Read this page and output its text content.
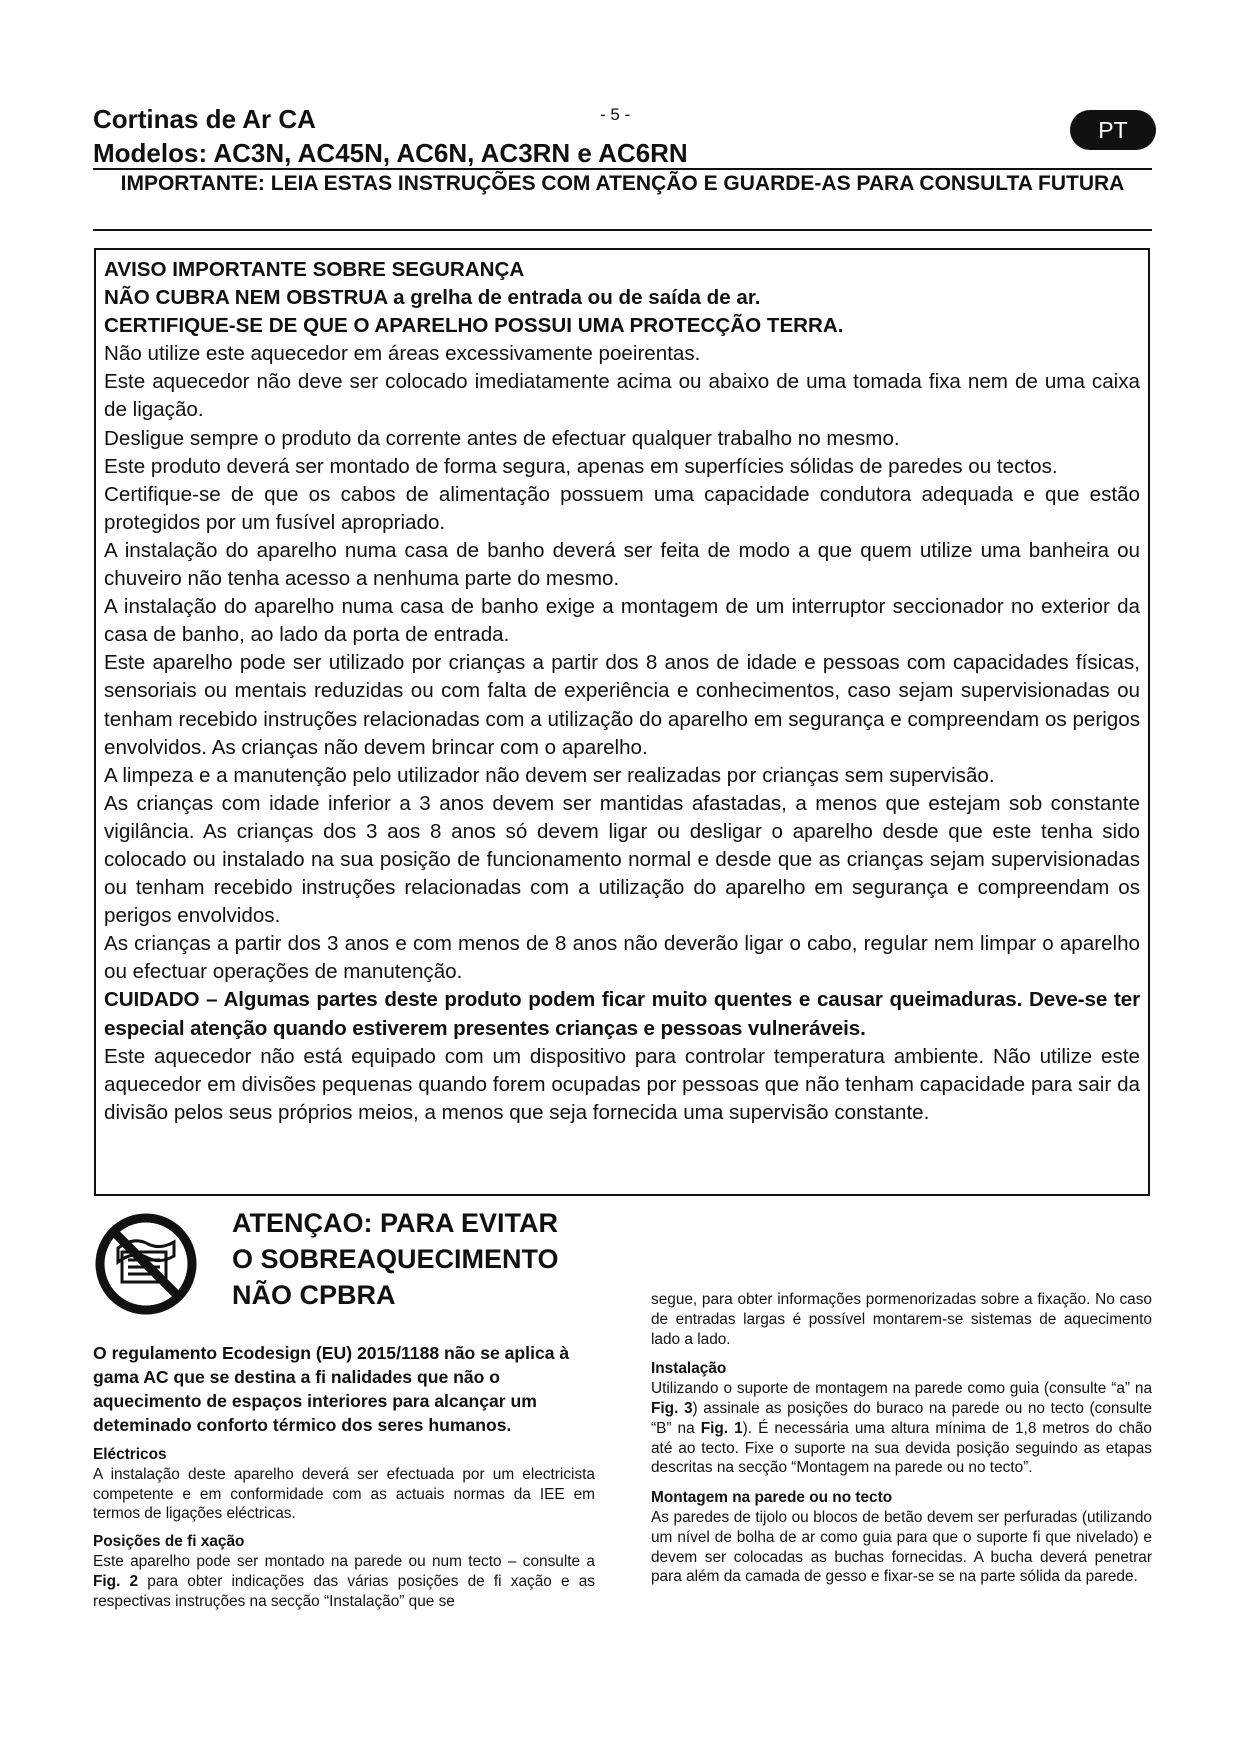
Cortinas de Ar CA	- 5 -
PT
Modelos: AC3N, AC45N, AC6N, AC3RN e AC6RN
IMPORTANTE: LEIA ESTAS INSTRUÇÕES COM ATENÇÃO E GUARDE-AS PARA CONSULTA FUTURA

AVISO IMPORTANTE SOBRE SEGURANÇA

NÃO CUBRA NEM OBSTRUA a grelha de entrada ou de saída de ar.

CERTIFIQUE-SE DE QUE O APARELHO POSSUI UMA PROTECÇÃO TERRA.

Não utilize este aquecedor em áreas excessivamente poeirentas.

Este aquecedor não deve ser colocado imediatamente acima ou abaixo de uma tomada fixa nem de uma caixa de ligação.

Desligue sempre o produto da corrente antes de efectuar qualquer trabalho no mesmo.

Este produto deverá ser montado de forma segura, apenas em superfícies sólidas de paredes ou tectos.

Certifique-se de que os cabos de alimentação possuem uma capacidade condutora adequada e que estão protegidos por um fusível apropriado.

A instalação do aparelho numa casa de banho deverá ser feita de modo a que quem utilize uma banheira ou chuveiro não tenha acesso a nenhuma parte do mesmo.

A instalação do aparelho numa casa de banho exige a montagem de um interruptor seccionador no exterior da casa de banho, ao lado da porta de entrada.

Este aparelho pode ser utilizado por crianças a partir dos 8 anos de idade e pessoas com capacidades físicas, sensoriais ou mentais reduzidas ou com falta de experiência e conhecimentos, caso sejam supervisionadas ou tenham recebido instruções relacionadas com a utilização do aparelho em segurança e compreendam os perigos envolvidos. As crianças não devem brincar com o aparelho.

A limpeza e a manutenção pelo utilizador não devem ser realizadas por crianças sem supervisão.

As crianças com idade inferior a 3 anos devem ser mantidas afastadas, a menos que estejam sob constante vigilância. As crianças dos 3 aos 8 anos só devem ligar ou desligar o aparelho desde que este tenha sido colocado ou instalado na sua posição de funcionamento normal e desde que as crianças sejam supervisionadas ou tenham recebido instruções relacionadas com a utilização do aparelho em segurança e compreendam os perigos envolvidos.

As crianças a partir dos 3 anos e com menos de 8 anos não deverão ligar o cabo, regular nem limpar o aparelho ou efectuar operações de manutenção.

CUIDADO – Algumas partes deste produto podem ficar muito quentes e causar queimaduras. Deve-se ter especial atenção quando estiverem presentes crianças e pessoas vulneráveis.

Este aquecedor não está equipado com um dispositivo para controlar temperatura ambiente. Não utilize este aquecedor em divisões pequenas quando forem ocupadas por pessoas que não tenham capacidade para sair da divisão pelos seus próprios meios, a menos que seja fornecida uma supervisão constante.

ATENÇAO: PARA EVITAR
O SOBREAQUECIMENTO
NÃO CPBRA

O regulamento Ecodesign (EU) 2015/1188 não se aplica à gama AC que se destina a fi nalidades que não o aquecimento de espaços interiores para alcançar um deteminado conforto térmico dos seres humanos.

Eléctricos

A instalação deste aparelho deverá ser efectuada por um electricista competente e em conformidade com as actuais normas da IEE em termos de ligações eléctricas.

Posições de fi xação

Este aparelho pode ser montado na parede ou num tecto – consulte a Fig. 2 para obter indicações das várias posições de fi xação e as respectivas instruções na secção “Instalação” que se

segue, para obter informações pormenorizadas sobre a fixação. No caso de entradas largas é possível montarem-se sistemas de aquecimento lado a lado.

Instalação

Utilizando o suporte de montagem na parede como guia (consulte “a” na Fig. 3) assinale as posições do buraco na parede ou no tecto (consulte “B” na Fig. 1). É necessária uma altura mínima de 1,8 metros do chão até ao tecto. Fixe o suporte na sua devida posição seguindo as etapas descritas na secção “Montagem na parede ou no tecto”.

Montagem na parede ou no tecto

As paredes de tijolo ou blocos de betão devem ser perfuradas (utilizando um nível de bolha de ar como guia para que o suporte fi que nivelado) e devem ser colocadas as buchas fornecidas. A bucha deverá penetrar para além da camada de gesso e fixar-se se na parte sólida da parede.
